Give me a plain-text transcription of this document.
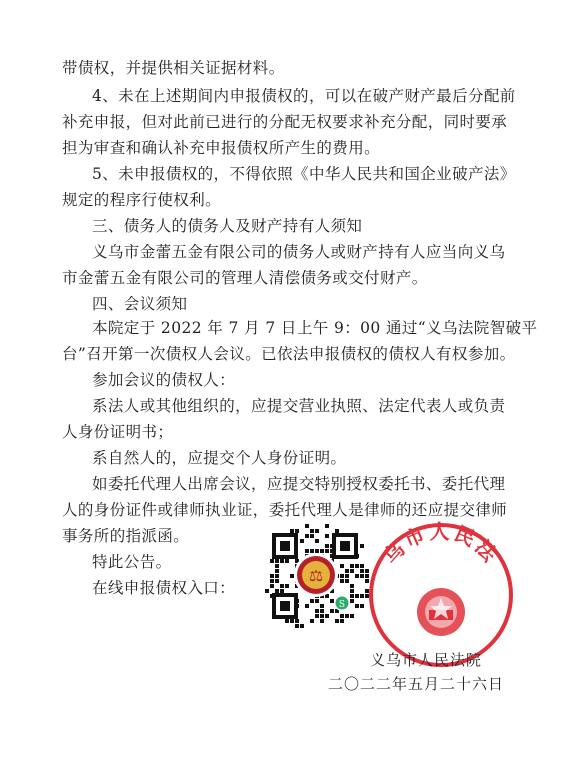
带债权，并提供相关证据材料。
4、未在上述期间内申报债权的，可以在破产财产最后分配前
补充申报，但对此前已进行的分配无权要求补充分配，同时要承
担为审查和确认补充申报债权所产生的费用。
5、未申报债权的，不得依照《中华人民共和国企业破产法》
规定的程序行使权利。
三、债务人的债务人及财产持有人须知
义乌市金蕾五金有限公司的债务人或财产持有人应当向义乌
市金蕾五金有限公司的管理人清偿债务或交付财产。
四、会议须知
本院定于 2022 年 7 月 7 日上午 9：00 通过“义乌法院智破平
台”召开第一次债权人会议。已依法申报债权的债权人有权参加。
参加会议的债权人：
系法人或其他组织的，应提交营业执照、法定代表人或负责
人身份证明书；
系自然人的，应提交个人身份证明。
如委托代理人出席会议，应提交特别授权委托书、委托代理
人的身份证件或律师执业证，委托代理人是律师的还应提交律师
事务所的指派函。
特此公告。
在线申报债权入口：
⚖
S
乌市人民法
义乌市人民法院
二〇二二年五月二十六日
